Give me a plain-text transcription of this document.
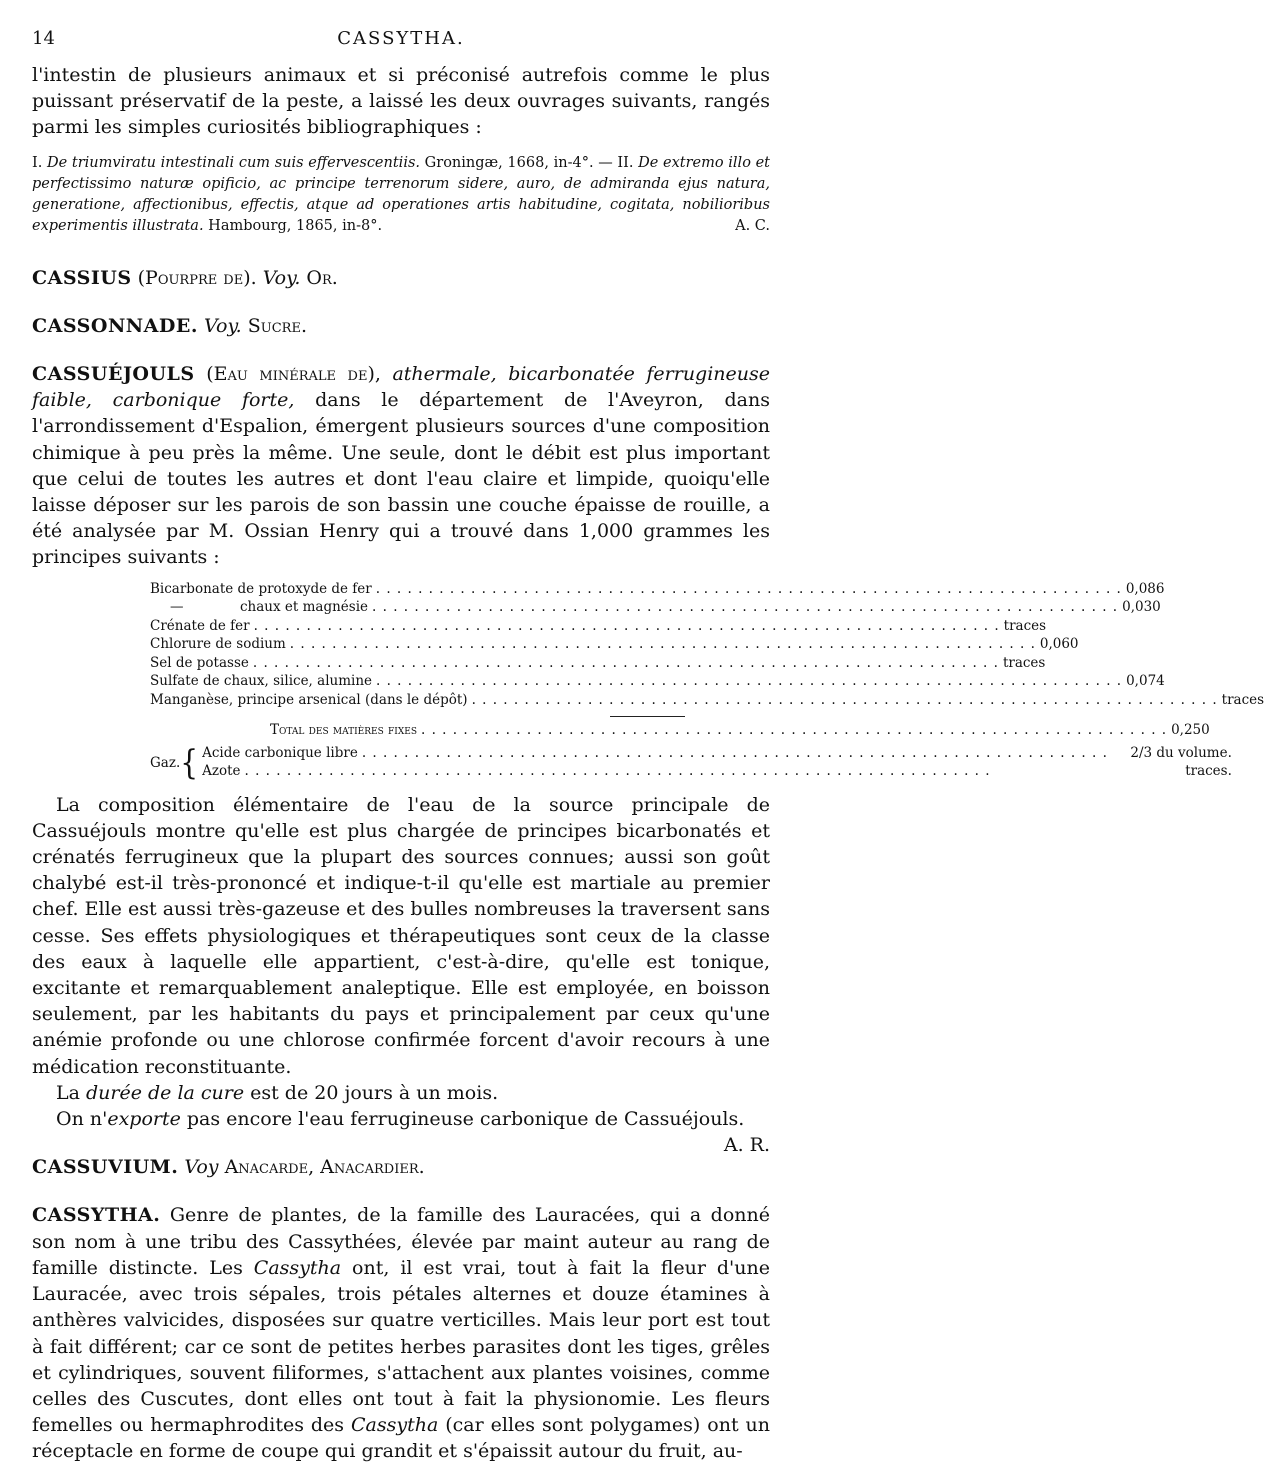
14	CASSYTHA.

l'intestin de plusieurs animaux et si préconisé autrefois comme le plus puissant préservatif de la peste, a laissé les deux ouvrages suivants, rangés parmi les simples curiosités bibliographiques :

I. De triumviratu intestinali cum suis effervescentiis. Groningæ, 1668, in-4°. — II. De extremo illo et perfectissimo naturæ opificio, ac principe terrenorum sidere, auro, de admiranda ejus natura, generatione, affectionibus, effectis, atque ad operationes artis habitudine, cogitata, nobilioribus experimentis illustrata. Hambourg, 1865, in-8°.	A. C.

CASSIUS (Pourpre de). Voy. Or.

CASSONNADE. Voy. Sucre.

CASSUÉJOULS (Eau minérale de), athermale, bicarbonatée ferrugineuse faible, carbonique forte, dans le département de l'Aveyron, dans l'arrondissement d'Espalion, émergent plusieurs sources d'une composition chimique à peu près la même. Une seule, dont le débit est plus important que celui de toutes les autres et dont l'eau claire et limpide, quoiqu'elle laisse déposer sur les parois de son bassin une couche épaisse de rouille, a été analysée par M. Ossian Henry qui a trouvé dans 1,000 grammes les principes suivants :

Bicarbonate de protoxyde de fer . . .	0,086
—	chaux et magnésie . . .	0,030
Crénate de fer . . .	traces
Chlorure de sodium . . .	0,060
Sel de potasse . . .	traces
Sulfate de chaux, silice, alumine . . .	0,074
Manganèse, principe arsenical (dans le dépôt) . . .	traces
Total des matières fixes . . .	0,250
Gaz. { Acide carbonique libre . . .	2/3 du volume.
Azote . . .	traces.

La composition élémentaire de l'eau de la source principale de Cassuéjouls montre qu'elle est plus chargée de principes bicarbonatés et crénatés ferrugineux que la plupart des sources connues; aussi son goût chalybé est-il très-prononcé et indique-t-il qu'elle est martiale au premier chef. Elle est aussi très-gazeuse et des bulles nombreuses la traversent sans cesse. Ses effets physiologiques et thérapeutiques sont ceux de la classe des eaux à laquelle elle appartient, c'est-à-dire, qu'elle est tonique, excitante et remarquablement analeptique. Elle est employée, en boisson seulement, par les habitants du pays et principalement par ceux qu'une anémie profonde ou une chlorose confirmée forcent d'avoir recours à une médication reconstituante.

La durée de la cure est de 20 jours à un mois.

On n'exporte pas encore l'eau ferrugineuse carbonique de Cassuéjouls.
A. R.

CASSUVIUM. Voy Anacarde, Anacardier.

CASSYTHA. Genre de plantes, de la famille des Lauracées, qui a donné son nom à une tribu des Cassythées, élevée par maint auteur au rang de famille distincte. Les Cassytha ont, il est vrai, tout à fait la fleur d'une Lauracée, avec trois sépales, trois pétales alternes et douze étamines à anthères valvicides, disposées sur quatre verticilles. Mais leur port est tout à fait différent; car ce sont de petites herbes parasites dont les tiges, grêles et cylindriques, souvent filiformes, s'attachent aux plantes voisines, comme celles des Cuscutes, dont elles ont tout à fait la physionomie. Les fleurs femelles ou hermaphrodites des Cassytha (car elles sont polygames) ont un réceptacle en forme de coupe qui grandit et s'épaissit autour du fruit, au-
